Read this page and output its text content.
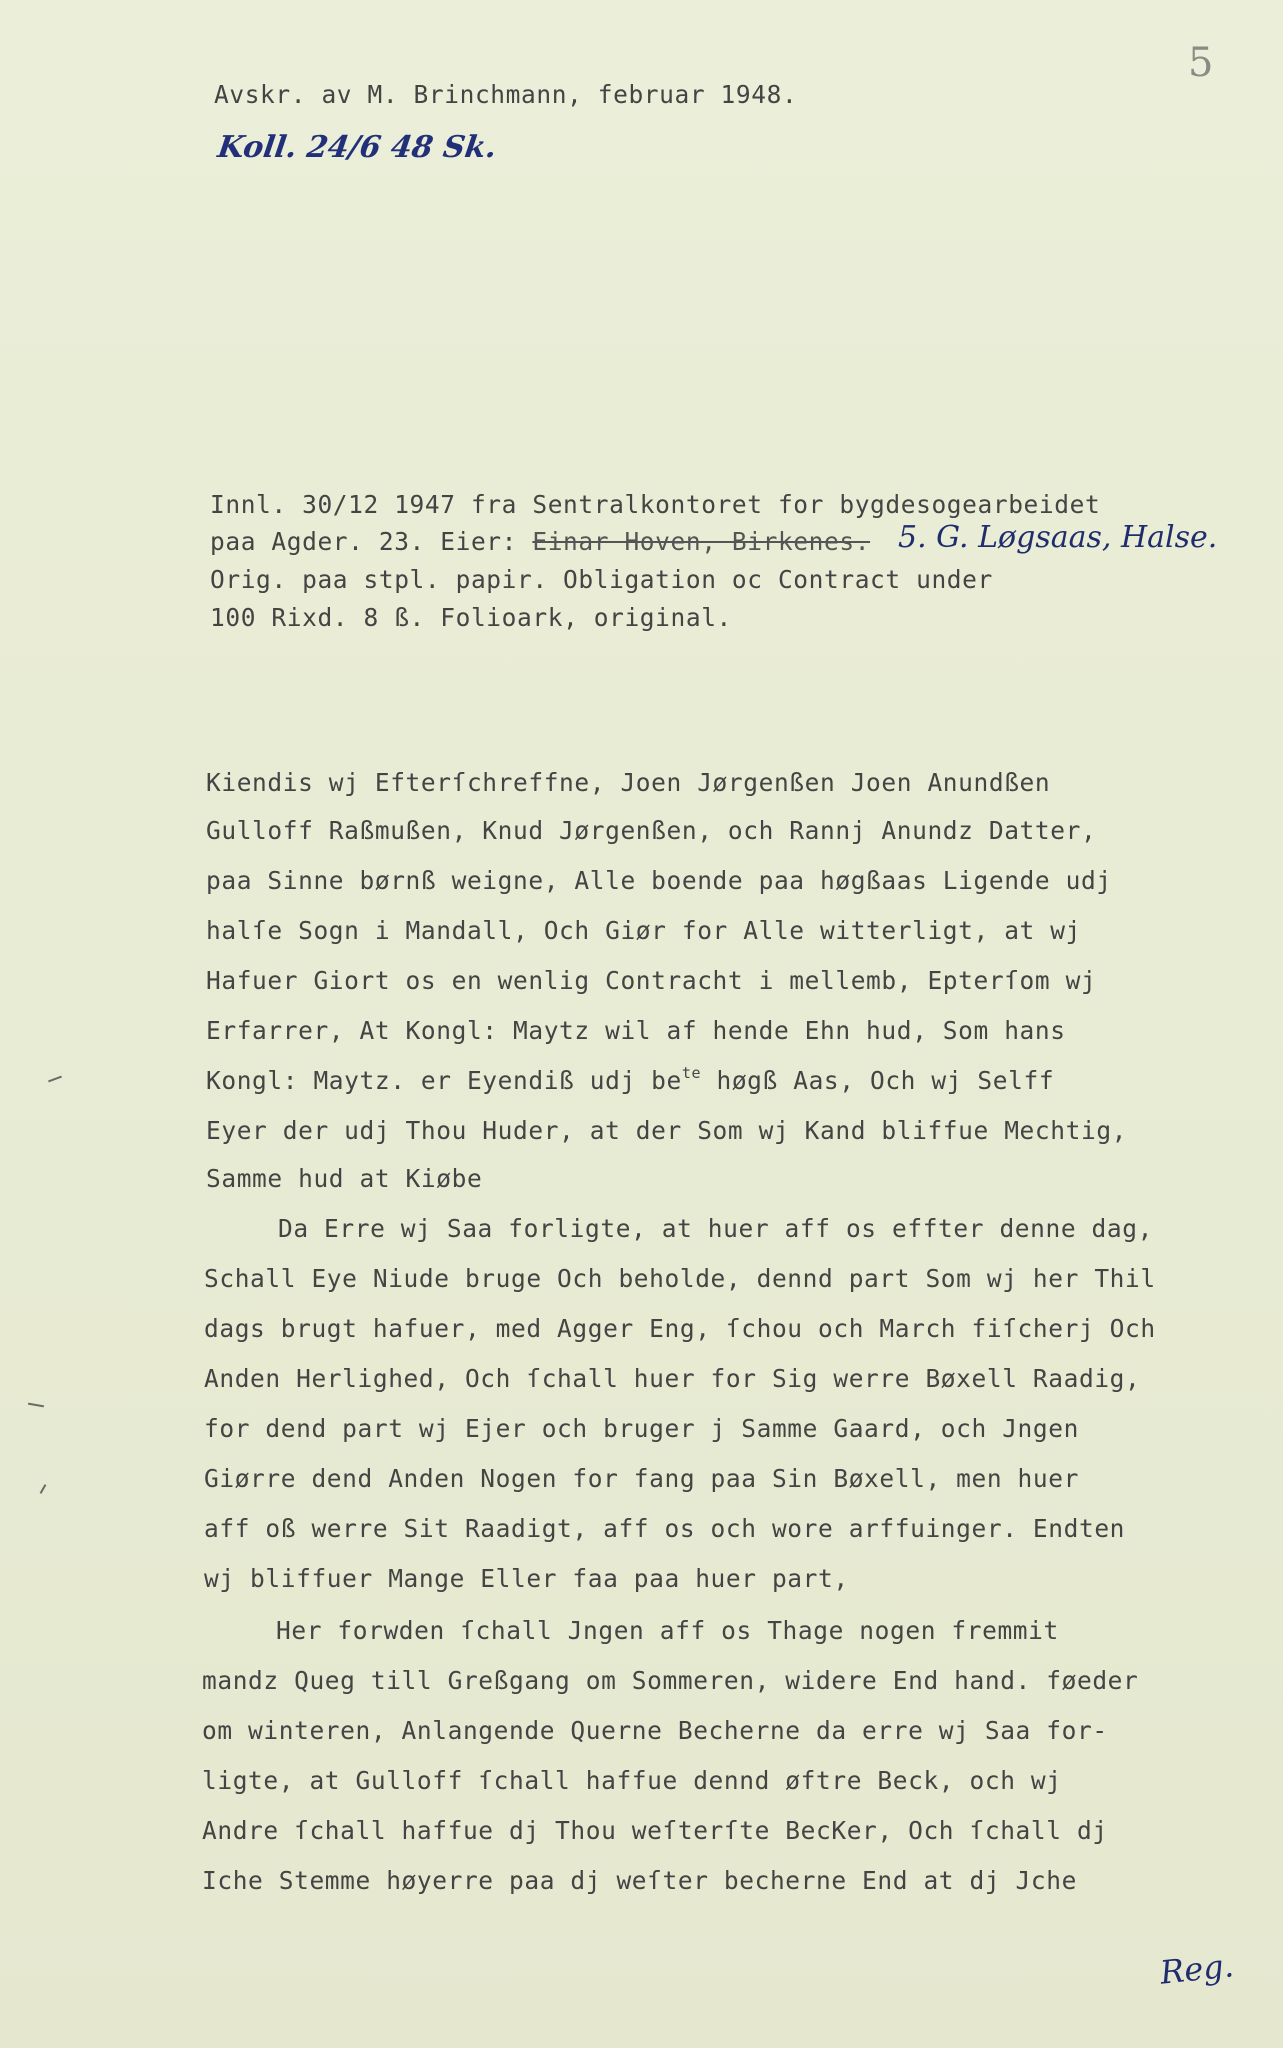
5
Avskr. av M. Brinchmann, februar 1948.
Koll. 24/6 48 Sk.
Innl. 30/12 1947 fra Sentralkontoret for bygdesogearbeidet
paa Agder. 23. Eier: Einar Hoven, Birkenes. 5. G. Løgsaas, Halse.
Orig. paa stpl. papir. Obligation oc Contract under
100 Rixd. 8 ß. Folioark, original.
Kiendis wj Efterſchreffne, Joen Jørgenßen Joen Anundßen
Gulloff Raßmußen, Knud Jørgenßen, och Rannj Anundz Datter,
paa Sinne børnß weigne, Alle boende paa høgßaas Ligende udj
halſe Sogn i Mandall, Och Giør for Alle witterligt, at wj
Hafuer Giort os en wenlig Contracht i mellemb, Epterſom wj
Erfarrer, At Kongl: Maytz wil af hende Ehn hud, Som hans
Kongl: Maytz. er Eyendiß udj $be^{te}$ høgß Aas, Och wj Selff
Eyer der udj Thou Huder, at der Som wj Kand bliffue Mechtig,
Samme hud at Kiøbe
Da Erre wj Saa forligte, at huer aff os effter denne dag,
Schall Eye Niude bruge Och beholde, dennd part Som wj her Thil
dags brugt hafuer, med Agger Eng, ſchou och March fiſcherj Och
Anden Herlighed, Och ſchall huer for Sig werre Bøxell Raadig,
for dend part wj Ejer och bruger j Samme Gaard, och Jngen
Giørre dend Anden Nogen for fang paa Sin Bøxell, men huer
aff oß werre Sit Raadigt, aff os och wore arffuinger. Endten
wj bliffuer Mange Eller faa paa huer part,
Her forwden ſchall Jngen aff os Thage nogen fremmit
mandz Queg till Greßgang om Sommeren, widere End hand. føeder
om winteren, Anlangende Querne Becherne da erre wj Saa for-
ligte, at Gulloff ſchall haffue dennd øftre Beck, och wj
Andre ſchall haffue dj Thou weſterſte BecKer, Och ſchall dj
Iche Stemme høyerre paa dj weſter becherne End at dj Jche
Reg.
